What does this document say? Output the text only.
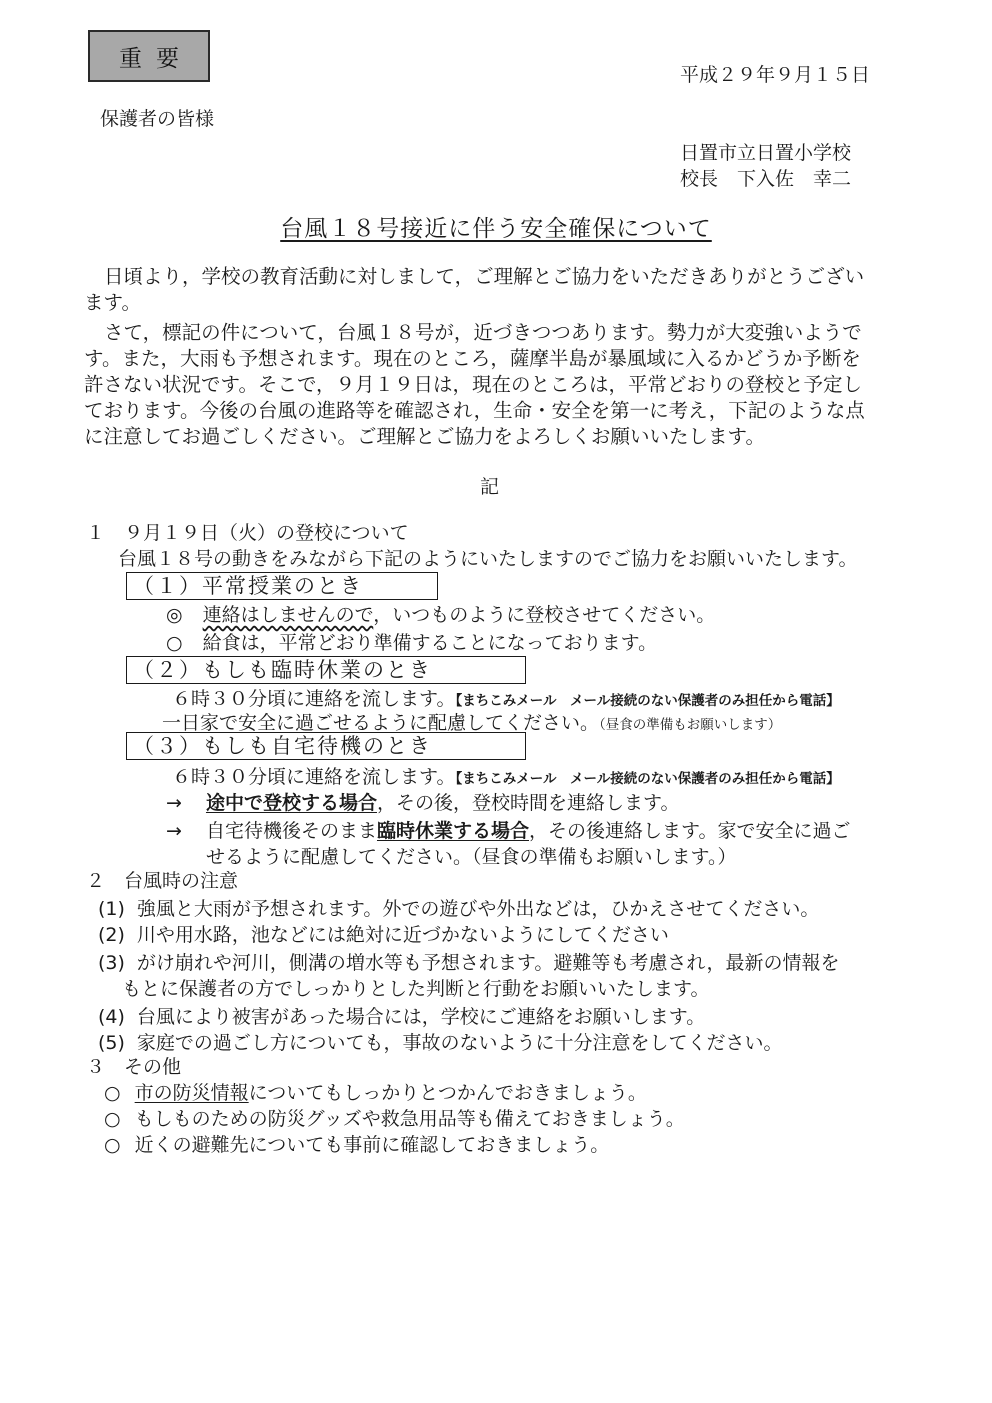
重要
平成２９年９月１５日
保護者の皆様
日置市立日置小学校
校長　下入佐　幸二
台風１８号接近に伴う安全確保について
日頃より，学校の教育活動に対しまして，ご理解とご協力をいただきありがとうござい
ます。
さて，標記の件について，台風１８号が，近づきつつあります。勢力が大変強いようで
す。また，大雨も予想されます。現在のところ，薩摩半島が暴風域に入るかどうか予断を
許さない状況です。そこで，９月１９日は，現在のところは，平常どおりの登校と予定し
ております。今後の台風の進路等を確認され，生命・安全を第一に考え，下記のような点
に注意してお過ごしください。ご理解とご協力をよろしくお願いいたします。
記
１　９月１９日（火）の登校について
台風１８号の動きをみながら下記のようにいたしますのでご協力をお願いいたします。
（１）平常授業のとき
◎ 連絡はしませんので，いつものように登校させてください。
○ 給食は，平常どおり準備することになっております。
（２）もしも臨時休業のとき
６時３０分頃に連絡を流します。【まちこみメール　メール接続のない保護者のみ担任から電話】
一日家で安全に過ごせるように配慮してください。（昼食の準備もお願いします）
（３）もしも自宅待機のとき
６時３０分頃に連絡を流します。【まちこみメール　メール接続のない保護者のみ担任から電話】
→ 途中で登校する場合，その後，登校時間を連絡します。
→ 自宅待機後そのまま臨時休業する場合，その後連絡します。家で安全に過ご
せるように配慮してください。（昼食の準備もお願いします。）
２　台風時の注意
(1) 強風と大雨が予想されます。外での遊びや外出などは，ひかえさせてください。
(2) 川や用水路，池などには絶対に近づかないようにしてください
(3) がけ崩れや河川，側溝の増水等も予想されます。避難等も考慮され，最新の情報を
もとに保護者の方でしっかりとした判断と行動をお願いいたします。
(4) 台風により被害があった場合には，学校にご連絡をお願いします。
(5) 家庭での過ごし方についても，事故のないように十分注意をしてください。
３　その他
○ 市の防災情報についてもしっかりとつかんでおきましょう。
○ もしものための防災グッズや救急用品等も備えておきましょう。
○ 近くの避難先についても事前に確認しておきましょう。
